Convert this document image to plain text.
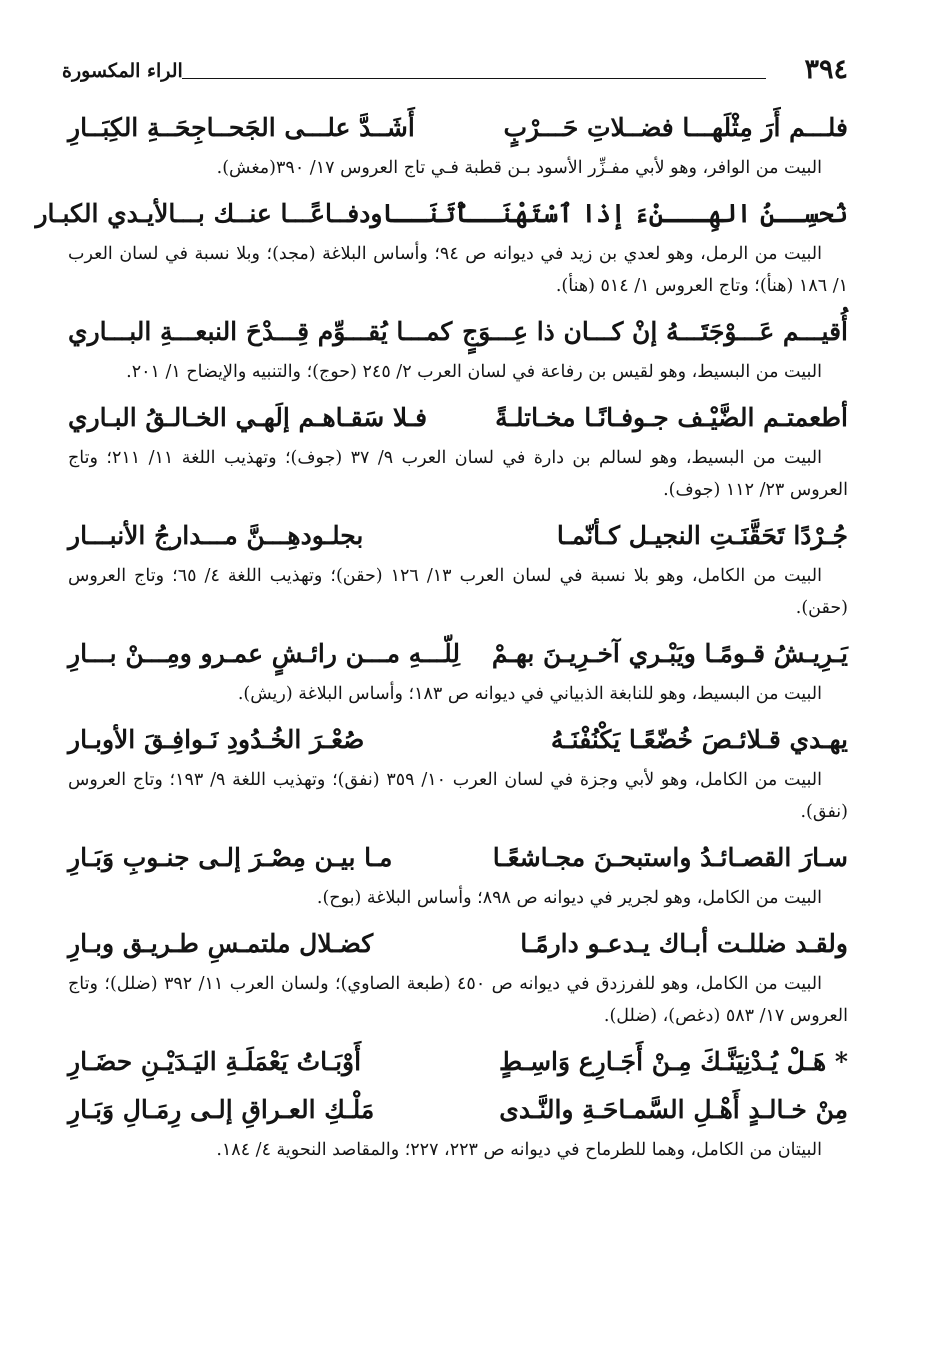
الراء المكسورة	٣٩٤
فلـــم أَرَ مِثْلَهـــا فضــلاتِ حَـــرْبٍ
أَشَــدَّ علـــى الجَحــاجِحَــةِ الكِبَــارِ

البيت من الوافر، وهو لأبي مفـزِّر الأسود بـن قطبة فـي تاج العروس ١٧/ ٣٩٠(مغش).

نُحسِــنُ الهِـــنْءَ إذا ٱسْتَهْنَــأْتَنَــا
ودفــاعًـــا عنــك بـــالأيـدي الكبـار

البيت من الرمل، وهو لعدي بن زيد في ديوانه ص ٩٤؛ وأساس البلاغة (مجد)؛ وبلا نسبة في لسان العرب ١/ ١٨٦ (هنأ)؛ وتاج العروس ١/ ٥١٤ (هنأ).

أُقيـــم عَـــوْجَتَـــهُ إنْ كـــان ذا عِـــوَجٍ
كمـــا يُقـــوِّم قِـــدْحَ النبعـــةِ البـــاري

البيت من البسيط، وهو لقيس بن رفاعة في لسان العرب ٢/ ٢٤٥ (حوج)؛ والتنبيه والإيضاح ١/ ٢٠١.

أطعمتـم الضَّيْـف جـوفـانًـا مخـاتلـةً
فـلا سَقـاهـم إلَهـي الخـالـقُ البـاري

البيت من البسيط، وهو لسالم بن دارة في لسان العرب ٩/ ٣٧ (جوف)؛ وتهذيب اللغة ١١/ ٢١١؛ وتاج العروس ٢٣/ ١١٢ (جوف).

جُـرْدًا تَحَقَّنَـتِ النجيـل كـأنّمـا
بجلـودهِـــنَّ مـــدارجُ الأنبـــار

البيت من الكامل، وهو بلا نسبة في لسان العرب ١٣/ ١٢٦ (حقن)؛ وتهذيب اللغة ٤/ ٦٥؛ وتاج العروس (حقن).

يَـرِيـشُ قـومًـا ويَبْـري آخـرِيـنَ بهـمْ
لِلّـــهِ مـــن رائـشٍ عمـرو ومِـــنْ بـــارِ

البيت من البسيط، وهو للنابغة الذبياني في ديوانه ص ١٨٣؛ وأساس البلاغة (ريش).

يهـدي قـلائـصَ خُضّعًـا يَكْنُفْنَـهُ
صُعْـرَ الخُـدُودِ نَـوافِـقَ الأوبـار

البيت من الكامل، وهو لأبي وجزة في لسان العرب ١٠/ ٣٥٩ (نفق)؛ وتهذيب اللغة ٩/ ١٩٣؛ وتاج العروس (نفق).

سـارَ القصـائـدُ واستبحـنَ مجـاشعًـا
مـا بيـن مِصْـرَ إلـى جنـوبِ وَبَـارِ

البيت من الكامل، وهو لجرير في ديوانه ص ٨٩٨؛ وأساس البلاغة (بوح).

ولقـد ضللـت أبـاك يـدعـو دارمًـا
كضـلال ملتمـسِ طـريـق وبـارِ

البيت من الكامل، وهو للفرزدق في ديوانه ص ٤٥٠ (طبعة الصاوي)؛ ولسان العرب ١١/ ٣٩٢ (ضلل)؛ وتاج العروس ١٧/ ٥٨٣ (دغص)، (ضلل).

* هَـلْ يُـدْنِيَنَّـكَ مِـنْ أَجَـارِع وَاسِـطٍ
أَوْبَـاتُ يَعْمَلَـةِ اليَـدَيْـنِ حضَـارِ
مِنْ خـالـدٍ أَهْـلِ السَّمـاحَـةِ والنَّـدى
مَلْـكِ العـراقِ إلـى رِمَـالِ وَبَـارِ

البيتان من الكامل، وهما للطرماح في ديوانه ص ٢٢٣، ٢٢٧؛ والمقاصد النحوية ٤/ ١٨٤.
